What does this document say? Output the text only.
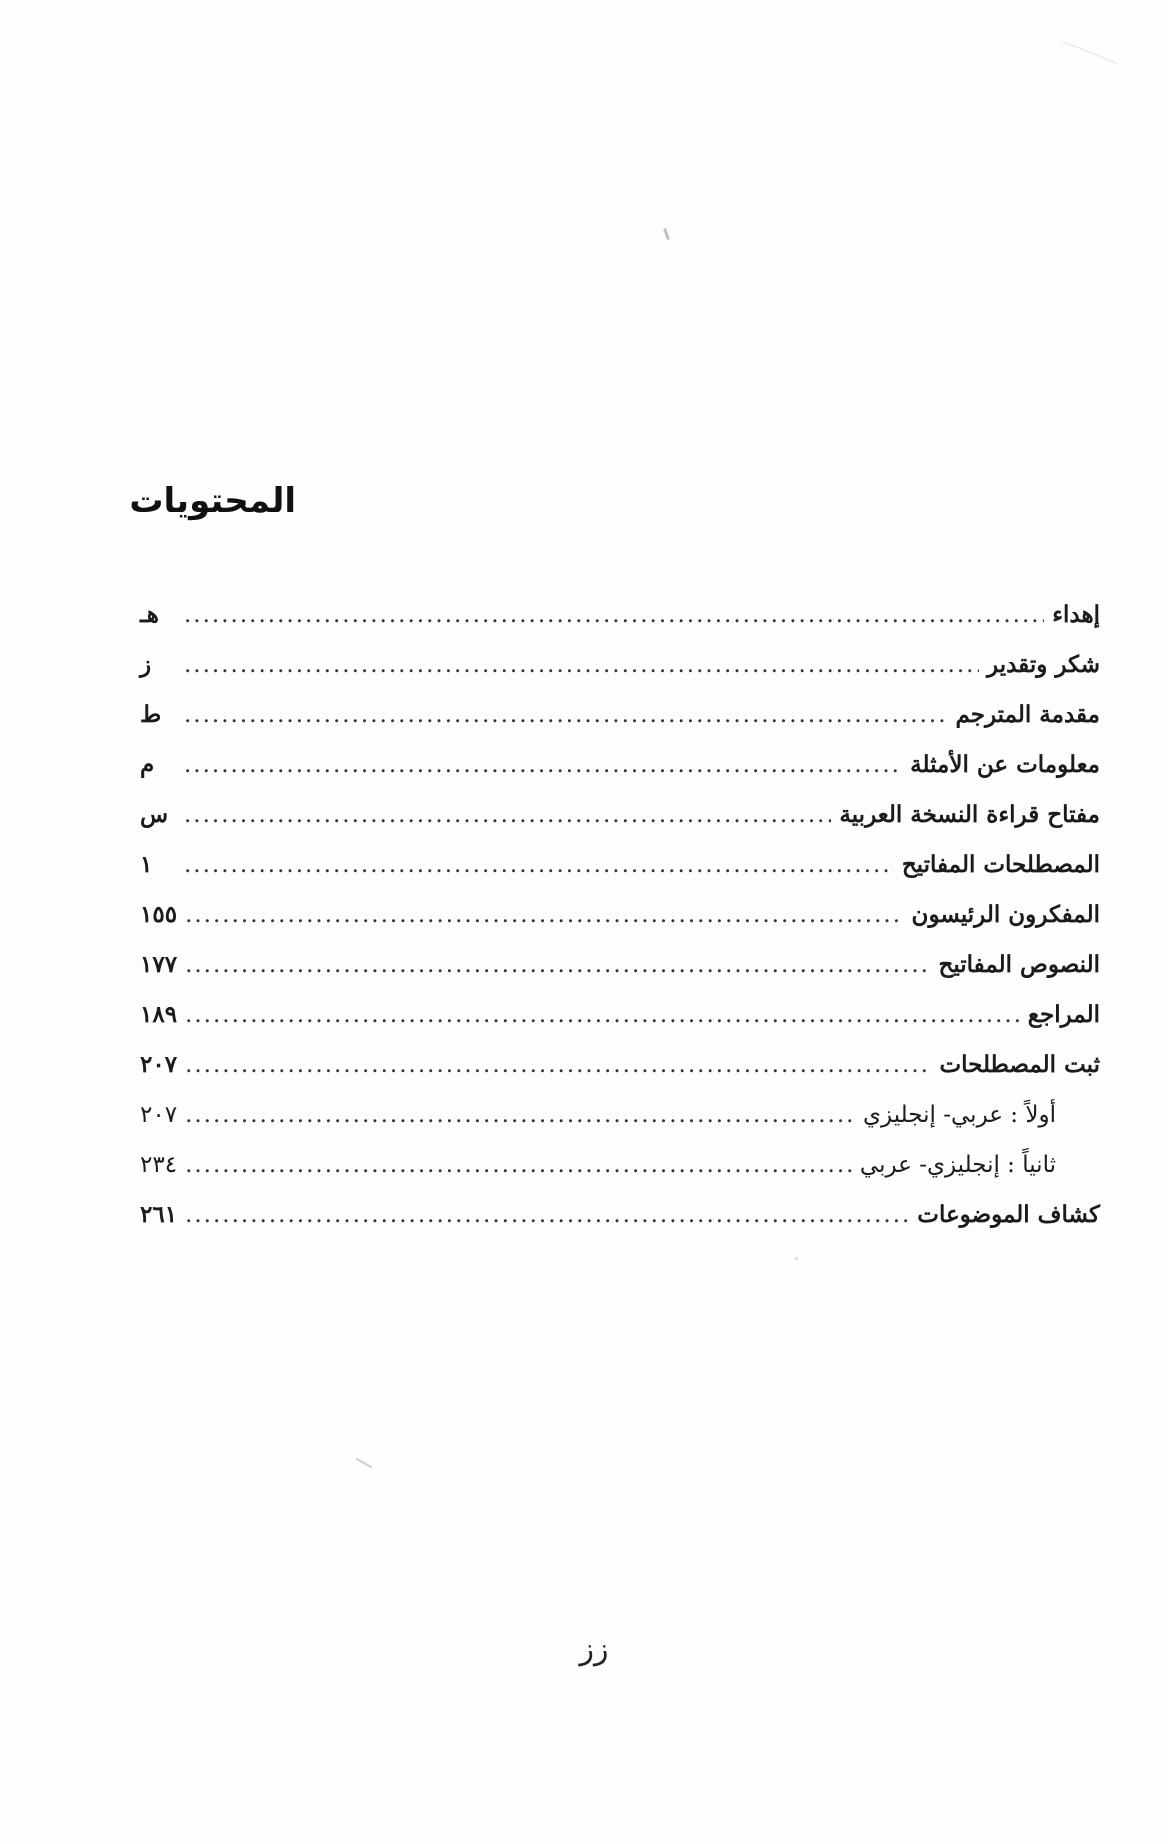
المحتويات
إهداء
.....
هـ
شكر وتقدير
.....
ز
مقدمة المترجم
.....
ط
معلومات عن الأمثلة
.....
م
مفتاح قراءة النسخة العربية
.....
س
المصطلحات المفاتيح
.....
١
المفكرون الرئيسون
.....
١٥٥
النصوص المفاتيح
.....
١٧٧
المراجع
.....
١٨٩
ثبت المصطلحات
.....
٢٠٧
أولاً : عربي- إنجليزي
.....
٢٠٧
ثانياً : إنجليزي- عربي
.....
٢٣٤
كشاف الموضوعات
.....
٢٦١
زز
